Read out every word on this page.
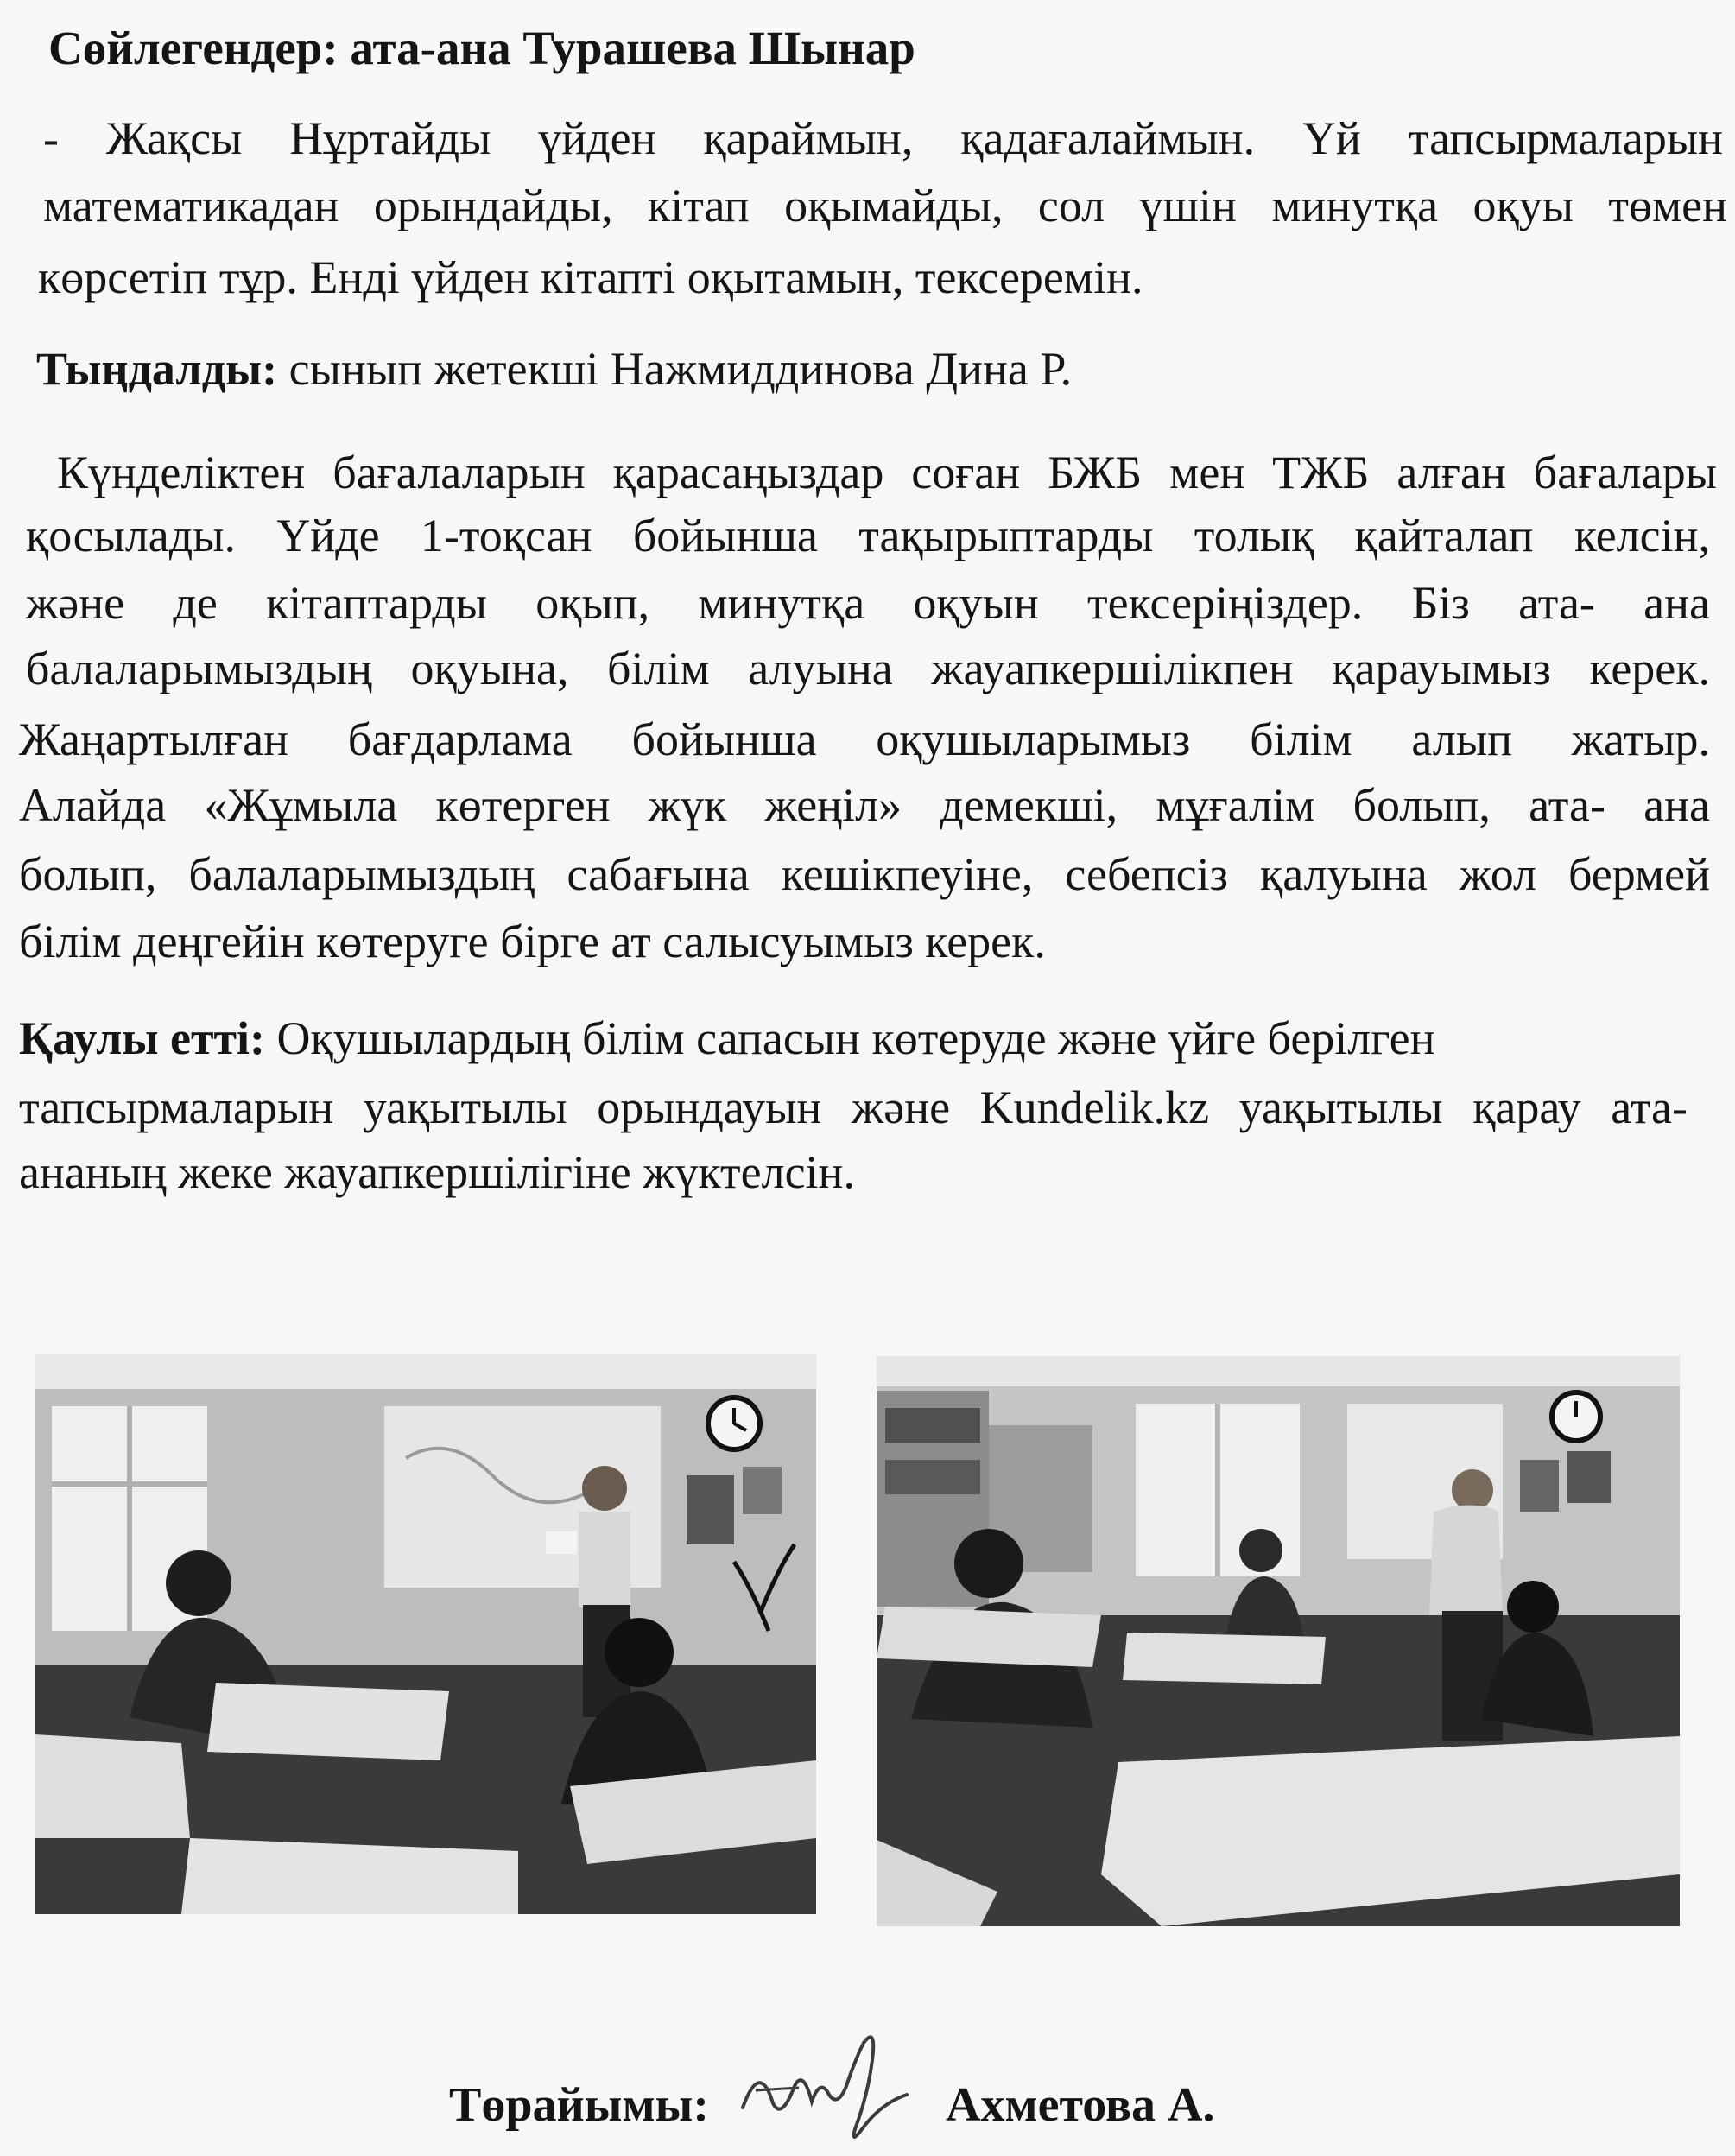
Сөйлегендер: ата-ана Турашева Шынар
- Жақсы Нұртайды үйден қараймын, қадағалаймын. Үй тапсырмаларын
математикадан орындайды, кітап оқымайды, сол үшін минутқа оқуы төмен
көрсетіп тұр. Енді үйден кітапті оқытамын, тексеремін.
Тыңдалды: сынып жетекші Нажмиддинова Дина Р.
Күнделіктен бағалаларын қарасаңыздар соған БЖБ мен ТЖБ алған бағалары
қосылады. Үйде 1-тоқсан бойынша тақырыптарды толық қайталап келсін,
және де кітаптарды оқып, минутқа оқуын тексеріңіздер. Біз ата- ана
балаларымыздың оқуына, білім алуына жауапкершілікпен қарауымыз керек.
Жаңартылған бағдарлама бойынша оқушыларымыз білім алып жатыр.
Алайда «Жұмыла көтерген жүк жеңіл» демекші, мұғалім болып, ата- ана
болып, балаларымыздың сабағына кешікпеуіне, себепсіз қалуына жол бермей
білім деңгейін көтеруге бірге ат салысуымыз керек.
Қаулы етті: Оқушылардың білім сапасын көтеруде және үйге берілген
тапсырмаларын уақытылы орындауын және Kundelik.kz уақытылы қарау ата-
ананың жеке жауапкершілігіне жүктелсін.
Төрайымы:	Ахметова А.
